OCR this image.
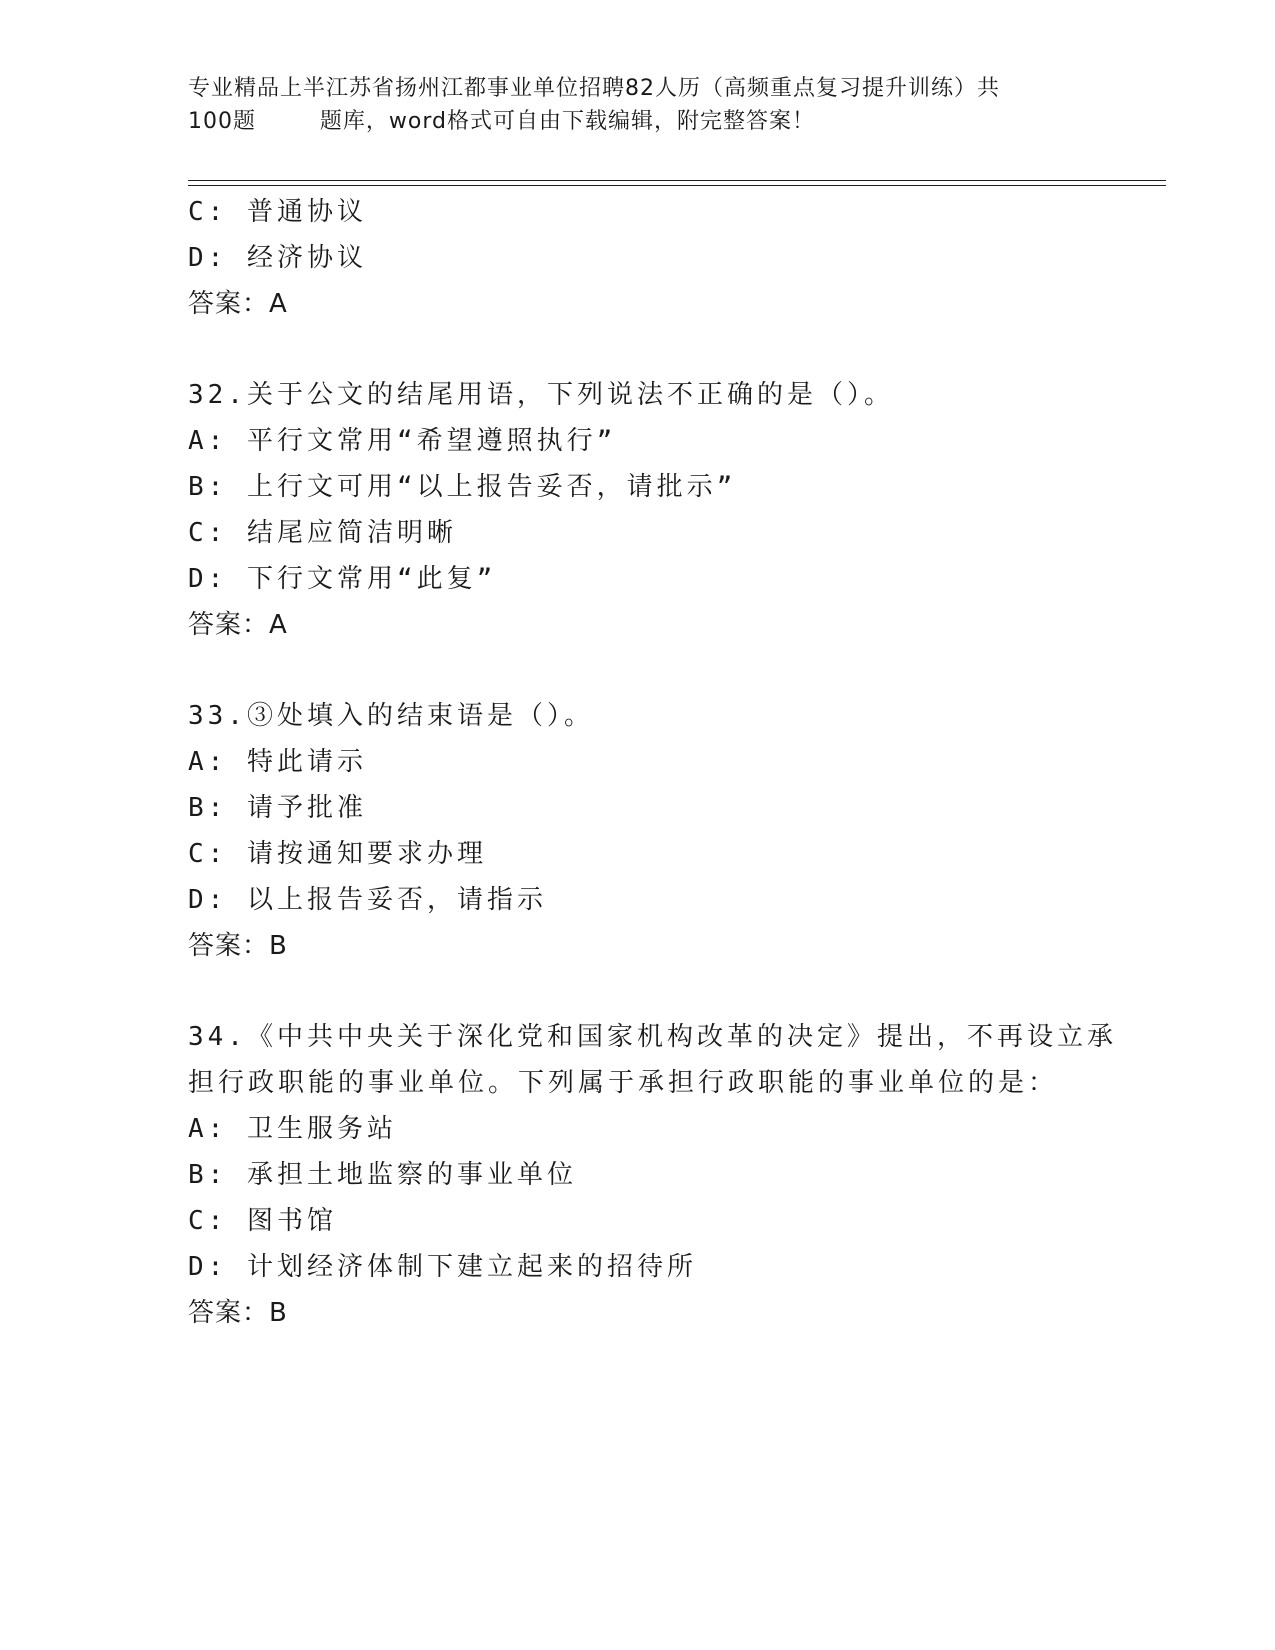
专业精品上半江苏省扬州江都事业单位招聘82人历（高频重点复习提升训练）共
100题        题库，word格式可自由下载编辑，附完整答案！
C: 普通协议
D: 经济协议
答案：A
32.关于公文的结尾用语，下列说法不正确的是（）。
A: 平行文常用“希望遵照执行”
B: 上行文可用“以上报告妥否，请批示”
C: 结尾应简洁明晰
D: 下行文常用“此复”
答案：A
33.③处填入的结束语是（）。
A: 特此请示
B: 请予批准
C: 请按通知要求办理
D: 以上报告妥否，请指示
答案：B
34.《中共中央关于深化党和国家机构改革的决定》提出，不再设立承
担行政职能的事业单位。下列属于承担行政职能的事业单位的是：
A: 卫生服务站
B: 承担土地监察的事业单位
C: 图书馆
D: 计划经济体制下建立起来的招待所
答案：B
